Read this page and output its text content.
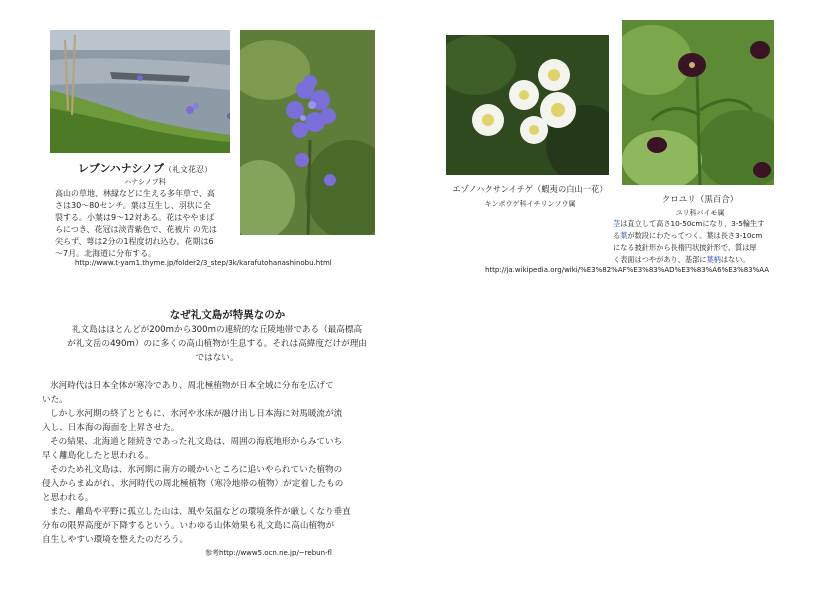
レブンハナシノブ（礼文花忍）
ハナシノブ科
高山の草地、林縁などに生える多年草で、高
さは30～80センチ。葉は互生し、羽状に全
裂する。小葉は9～12対ある。花はややまば
らにつき、花冠は淡青紫色で、花被片 の先は
尖らず、萼は2分の1程度切れ込む。花期は6
～7月。北海道に分布する。
http://www.t-yam1.thyme.jp/folder2/3_step/3k/karafutohanashinobu.html
エゾノハクサンイチゲ（蝦夷の白山一花）
キンポウゲ科イチリンソウ属	クロユリ（黒百合）
ユリ科バイモ属
茎は直立して高さ10-50cmになり、3-5輪生す
る葉が数段にわたってつく。葉は長さ3-10cm
になる披針形から長楕円状披針形で、質は厚
く表面はつやがあり、基部に葉柄はない。
http://ja.wikipedia.org/wiki/%E3%82%AF%E3%83%AD%E3%83%A6%E3%83%AA
なぜ礼文島が特異なのか

礼文島はほとんどが200mから300mの連続的な丘陵地帯である（最高標高

が礼文岳の490m）のに多くの高山植物が生息する。それは高緯度だけが理由

ではない。

氷河時代は日本全体が寒冷であり、周北極植物が日本全域に分布を広げて

いた。

しかし氷河期の終了とともに、氷河や氷床が融け出し日本海に対馬暖流が流

入し、日本海の海面を上昇させた。

その結果、北海道と陸続きであった礼文島は、周囲の海底地形からみていち

早く離島化したと思われる。

そのため礼文島は、氷河期に南方の暖かいところに追いやられていた植物の

侵入からまぬがれ、氷河時代の周北極植物（寒冷地帯の植物）が定着したもの

と思われる。

また、離島や平野に孤立した山は、風や気温などの環境条件が厳しくなり垂直

分布の限界高度が下降するという。いわゆる山体効果も礼文島に高山植物が

自生しやすい環境を整えたのだろう。

参考http://www5.ocn.ne.jp/~rebun-fl
